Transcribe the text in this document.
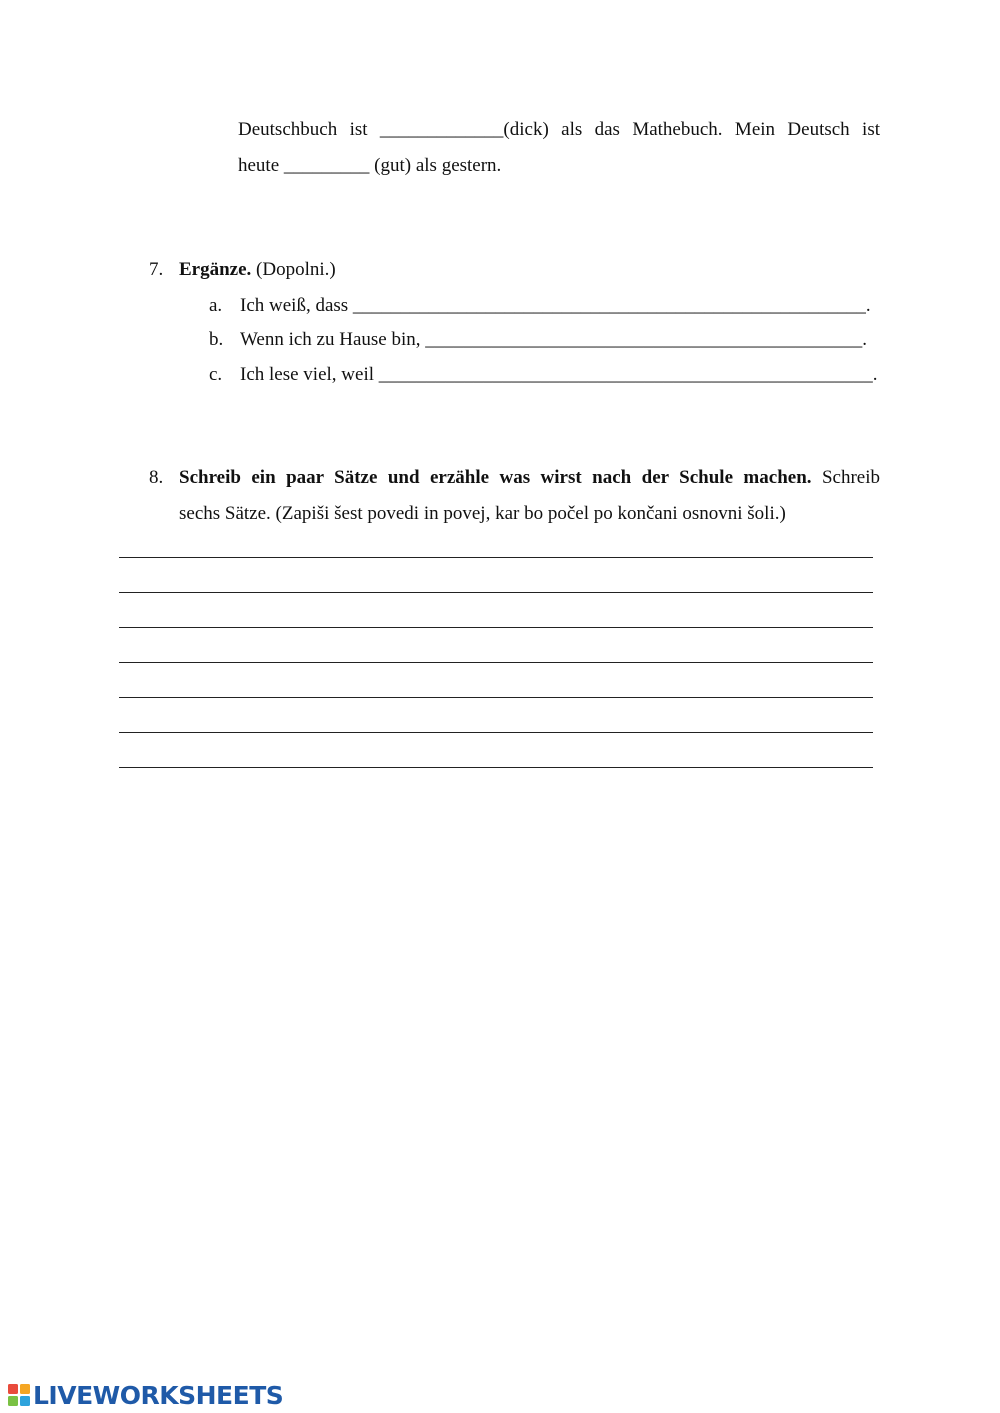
Deutschbuch ist _____________(dick) als das Mathebuch. Mein Deutsch ist
heute _________ (gut) als gestern.
7. Ergänze. (Dopolni.)
a. Ich weiß, dass ______________________________________________________.
b. Wenn ich zu Hause bin, ______________________________________________.
c. Ich lese viel, weil ____________________________________________________.
8. Schreib ein paar Sätze und erzähle was wirst nach der Schule machen. Schreib
sechs Sätze. (Zapiši šest povedi in povej, kar bo počel po končani osnovni šoli.)
LIVEWORKSHEETS
